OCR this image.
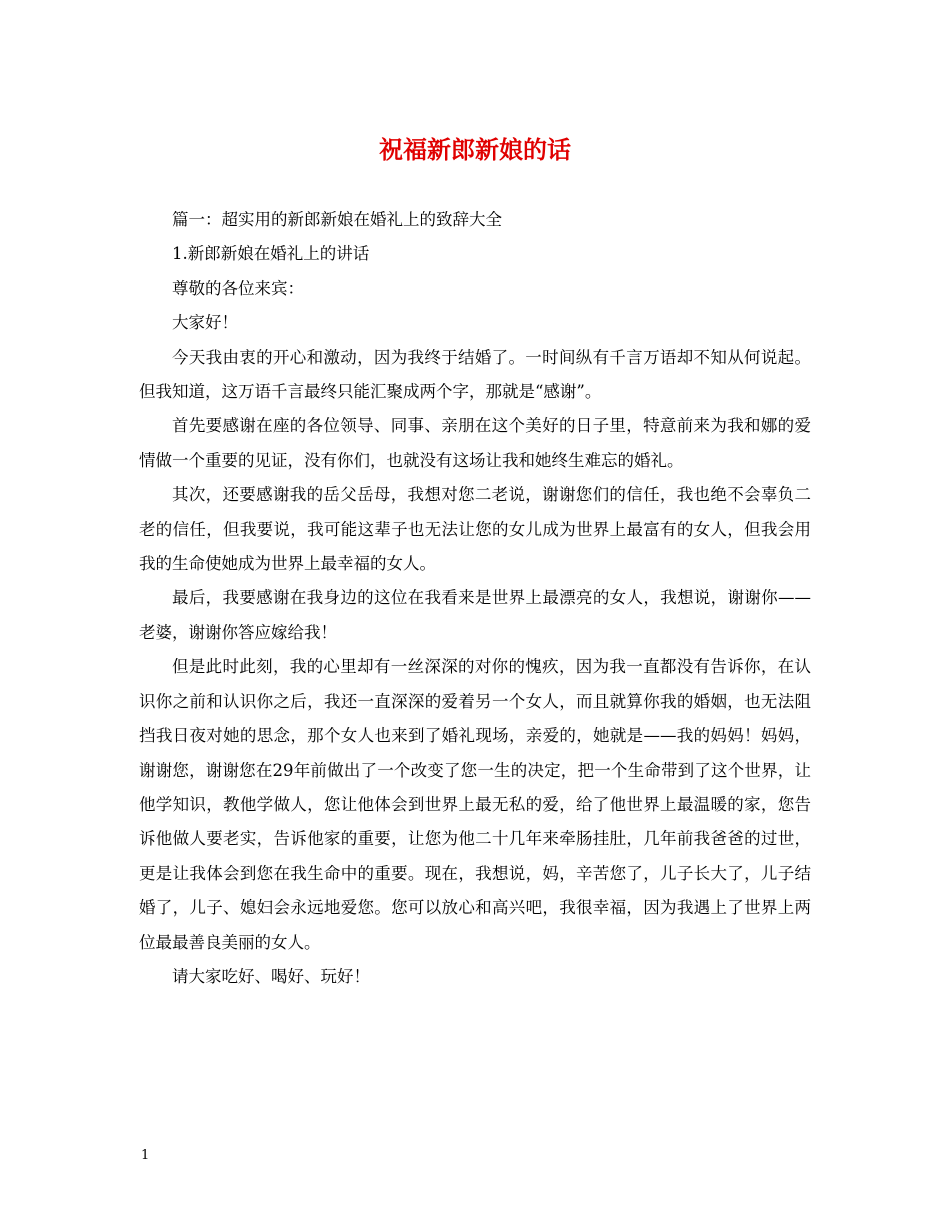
祝福新郎新娘的话

篇一：超实用的新郎新娘在婚礼上的致辞大全

1.新郎新娘在婚礼上的讲话

尊敬的各位来宾：

大家好！

今天我由衷的开心和激动，因为我终于结婚了。一时间纵有千言万语却不知从何说起。但我知道，这万语千言最终只能汇聚成两个字，那就是“感谢”。

首先要感谢在座的各位领导、同事、亲朋在这个美好的日子里，特意前来为我和娜的爱情做一个重要的见证，没有你们，也就没有这场让我和她终生难忘的婚礼。

其次，还要感谢我的岳父岳母，我想对您二老说，谢谢您们的信任，我也绝不会辜负二老的信任，但我要说，我可能这辈子也无法让您的女儿成为世界上最富有的女人，但我会用我的生命使她成为世界上最幸福的女人。

最后，我要感谢在我身边的这位在我看来是世界上最漂亮的女人，我想说，谢谢你——老婆，谢谢你答应嫁给我！

但是此时此刻，我的心里却有一丝深深的对你的愧疚，因为我一直都没有告诉你，在认识你之前和认识你之后，我还一直深深的爱着另一个女人，而且就算你我的婚姻，也无法阻挡我日夜对她的思念，那个女人也来到了婚礼现场，亲爱的，她就是——我的妈妈！妈妈，谢谢您，谢谢您在29年前做出了一个改变了您一生的决定，把一个生命带到了这个世界，让他学知识，教他学做人，您让他体会到世界上最无私的爱，给了他世界上最温暖的家，您告诉他做人要老实，告诉他家的重要，让您为他二十几年来牵肠挂肚，几年前我爸爸的过世，更是让我体会到您在我生命中的重要。现在，我想说，妈，辛苦您了，儿子长大了，儿子结婚了，儿子、媳妇会永远地爱您。您可以放心和高兴吧，我很幸福，因为我遇上了世界上两位最最善良美丽的女人。

请大家吃好、喝好、玩好！

1
